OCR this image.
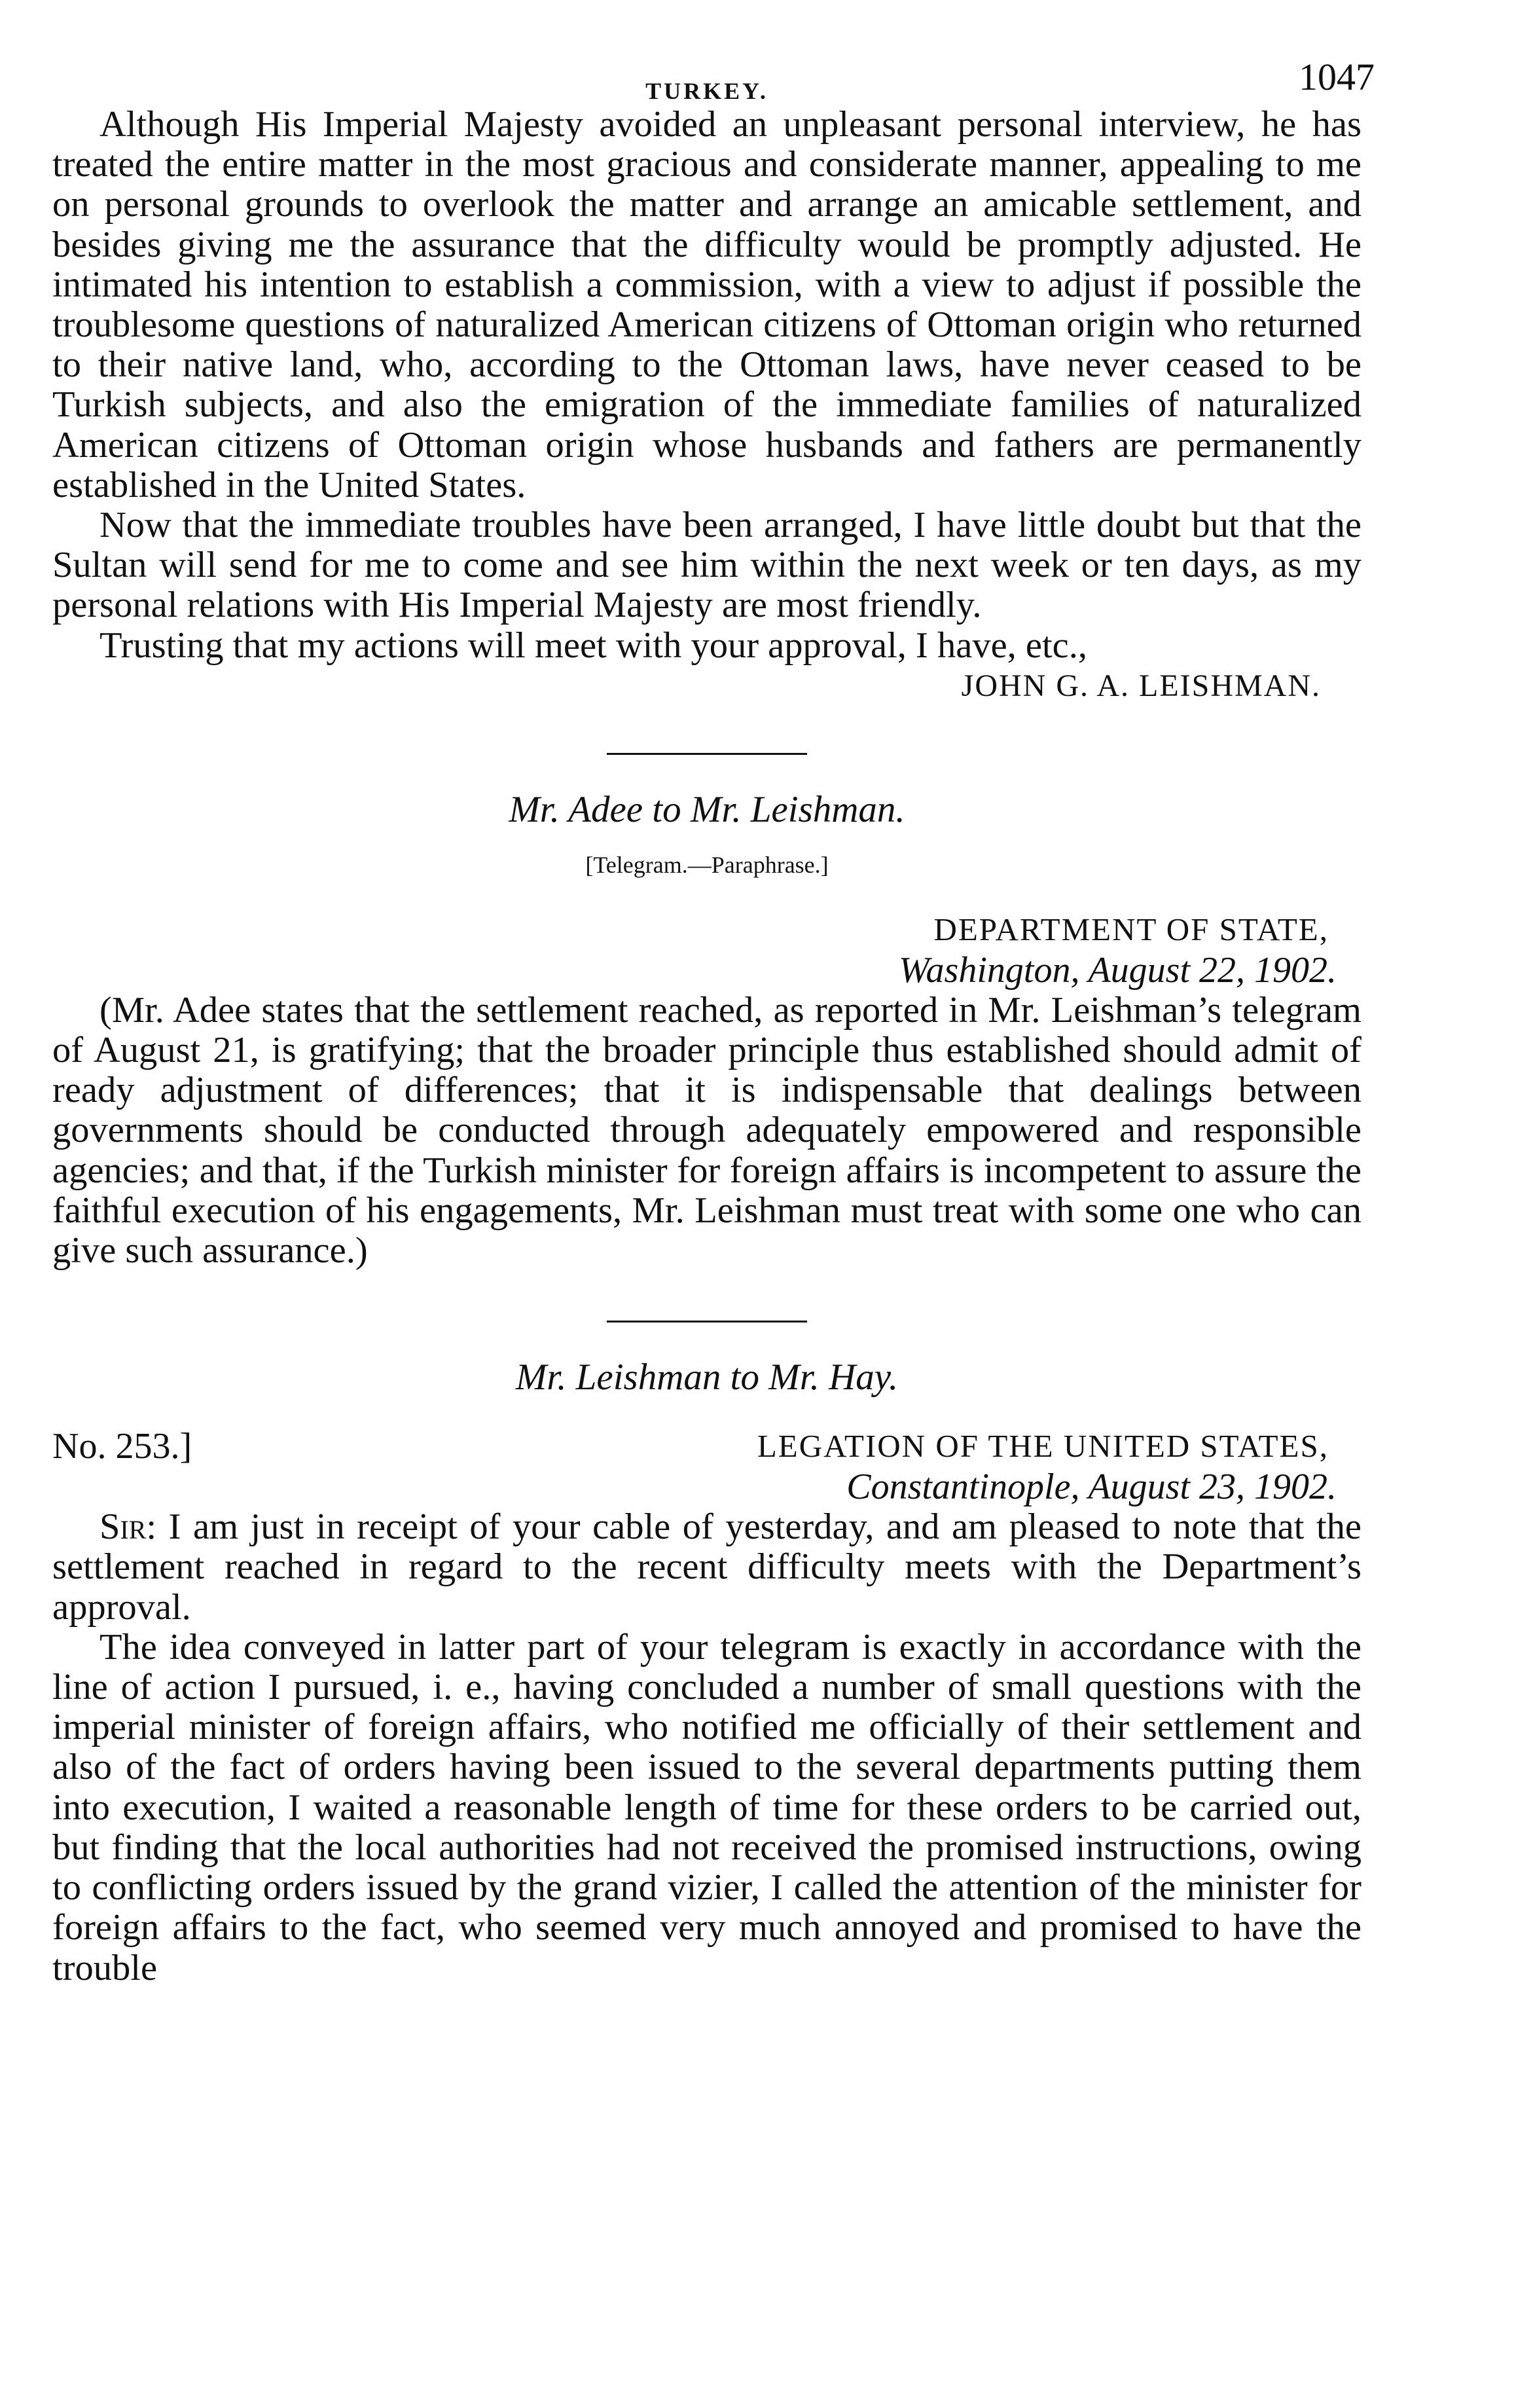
TURKEY.	1047

Although His Imperial Majesty avoided an unpleasant personal interview, he has treated the entire matter in the most gracious and considerate manner, appealing to me on personal grounds to overlook the matter and arrange an amicable settlement, and besides giving me the assurance that the difficulty would be promptly adjusted. He intimated his intention to establish a commission, with a view to adjust if possible the troublesome questions of naturalized American citizens of Ottoman origin who returned to their native land, who, according to the Ottoman laws, have never ceased to be Turkish subjects, and also the emigration of the immediate families of naturalized American citizens of Ottoman origin whose husbands and fathers are permanently established in the United States.

Now that the immediate troubles have been arranged, I have little doubt but that the Sultan will send for me to come and see him within the next week or ten days, as my personal relations with His Imperial Majesty are most friendly.

Trusting that my actions will meet with your approval, I have, etc.,

JOHN G. A. LEISHMAN.

Mr. Adee to Mr. Leishman.

[Telegram.—Paraphrase.]

DEPARTMENT OF STATE,

Washington, August 22, 1902.

(Mr. Adee states that the settlement reached, as reported in Mr. Leishman’s telegram of August 21, is gratifying; that the broader principle thus established should admit of ready adjustment of differences; that it is indispensable that dealings between governments should be conducted through adequately empowered and responsible agencies; and that, if the Turkish minister for foreign affairs is incompetent to assure the faithful execution of his engagements, Mr. Leishman must treat with some one who can give such assurance.)

Mr. Leishman to Mr. Hay.

No. 253.]	LEGATION OF THE UNITED STATES,

Constantinople, August 23, 1902.

Sir: I am just in receipt of your cable of yesterday, and am pleased to note that the settlement reached in regard to the recent difficulty meets with the Department’s approval.

The idea conveyed in latter part of your telegram is exactly in accordance with the line of action I pursued, i. e., having concluded a number of small questions with the imperial minister of foreign affairs, who notified me officially of their settlement and also of the fact of orders having been issued to the several departments putting them into execution, I waited a reasonable length of time for these orders to be carried out, but finding that the local authorities had not received the promised instructions, owing to conflicting orders issued by the grand vizier, I called the attention of the minister for foreign affairs to the fact, who seemed very much annoyed and promised to have the trouble
